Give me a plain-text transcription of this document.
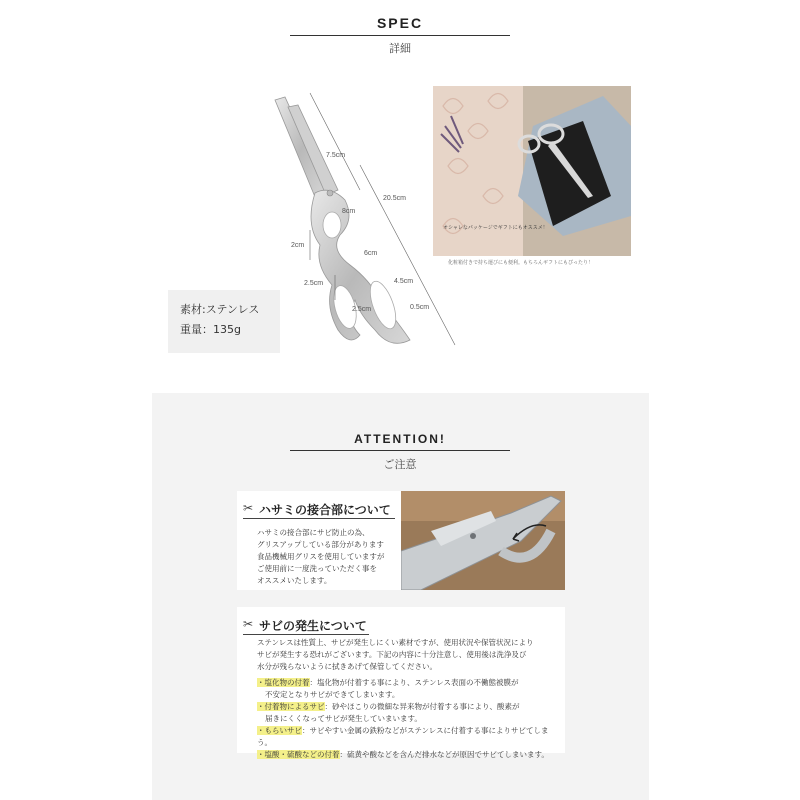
SPEC
詳細
素材:ステンレス
重量：135g
7.5cm
20.5cm
2cm
8cm
2.5cm
6cm
4.5cm
2.5cm	0.5cm
オシャレなパッケージでギフトにもオススメ！
化粧箱付きで持ち運びにも便利。もちろんギフトにもぴったり！
ATTENTION!
ご注意
✂ ハサミの接合部について
ハサミの接合部にサビ防止の為、
グリスアップしている部分があります
食品機械用グリスを使用していますが
ご使用前に一度洗っていただく事を
オススメいたします。
✂ サビの発生について
ステンレスは性質上、サビが発生しにくい素材ですが、使用状況や保管状況により
サビが発生する恐れがございます。下記の内容に十分注意し、使用後は洗浄及び
水分が残らないように拭きあげて保管してください。
・塩化物の付着：塩化物が付着する事により、ステンレス表面の不働態被膜が
不安定となりサビができてしまいます。
・付着物によるサビ：砂やほこりの微細な异来物が付着する事により、酸素が
届きにくくなってサビが発生していまいます。
・もらいサビ：サビやすい金属の鉄粉などがステンレスに付着する事によりサビてしまう。
・塩酸・硫酸などの付着：硫黄や酸などを含んだ排水などが原因でサビてしまいます。
